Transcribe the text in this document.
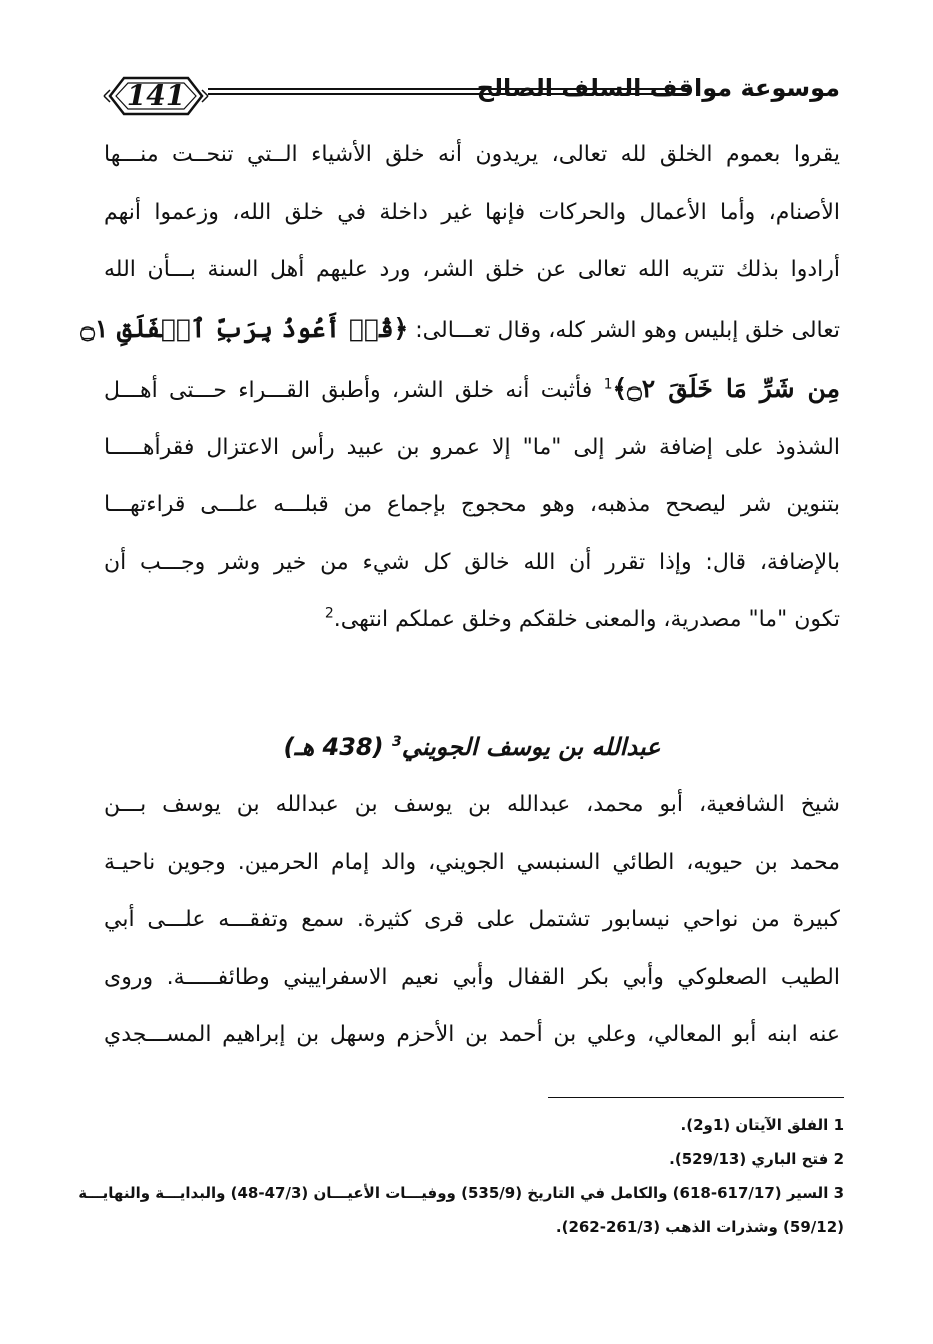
141	موسوعة مواقف السلف الصالح
يقروا بعموم الخلق لله تعالى، يريدون أنه خلق الأشياء الــتي تنحــت منـــها
الأصنام، وأما الأعمال والحركات فإنها غير داخلة في خلق الله، وزعموا أنهم
أرادوا بذلك تتريه الله تعالى عن خلق الشر، ورد عليهم أهل السنة بـــأن الله
تعالى خلق إبليس وهو الشر كله، وقال تعـــالى: ﴿قُلۡ أَعُوذُ بِرَبِّ ٱلۡفَلَقِ ۝١
مِن شَرِّ مَا خَلَقَ ۝٢﴾$^1$ فأثبت أنه خلق الشر، وأطبق القـــراء حـــتى أهـــل
الشذوذ على إضافة شر إلى "ما" إلا عمرو بن عبيد رأس الاعتزال فقرأهـــــا
بتنوين شر ليصحح مذهبه، وهو محجوج بإجماع من قبلـــه علـــى قراءتهـــا
بالإضافة، قال: وإذا تقرر أن الله خالق كل شيء من خير وشر وجـــب أن
تكون "ما" مصدرية، والمعنى خلقكم وخلق عملكم انتهى.$^2$
عبدالله بن يوسف الجويني$^3$ (438 هـ)
شيخ الشافعية، أبو محمد، عبدالله بن يوسف بن عبدالله بن يوسف بـــن
محمد بن حيويه، الطائي السنبسي الجويني، والد إمام الحرمين. وجوين ناحيـة
كبيرة من نواحي نيسابور تشتمل على قرى كثيرة. سمع وتفقـــه علـــى أبي
الطيب الصعلوكي وأبي بكر القفال وأبي نعيم الاسفراييني وطائفـــــة. وروى
عنه ابنه أبو المعالي، وعلي بن أحمد بن الأحزم وسهل بن إبراهيم المســـجدي
1 الفلق الآيتان (1و2).
2 فتح الباري (529/13).
3 السير (617/17-618) والكامل في التاريخ (535/9) ووفيـــات الأعيـــان (47/3-48) والبدايـــة والنهايـــة
(59/12) وشذرات الذهب (261/3-262).
